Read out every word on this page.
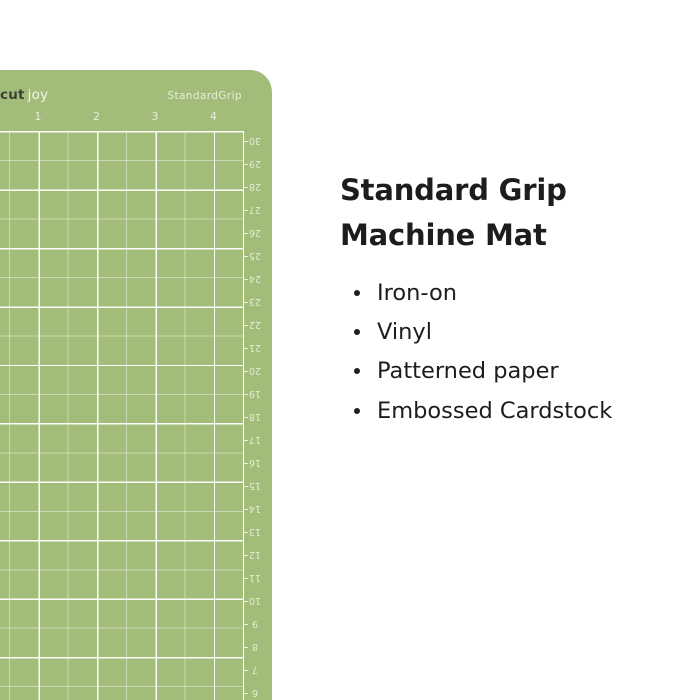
cut joy	StandardGrip
1	2	3	4
30
29
28
27
26
25
24
23
22
21
20
19
18
17
16
15
14
13
12
11
10
9
8
7
6
Standard Grip
Machine Mat
Iron-on
Vinyl
Patterned paper
Embossed Cardstock
